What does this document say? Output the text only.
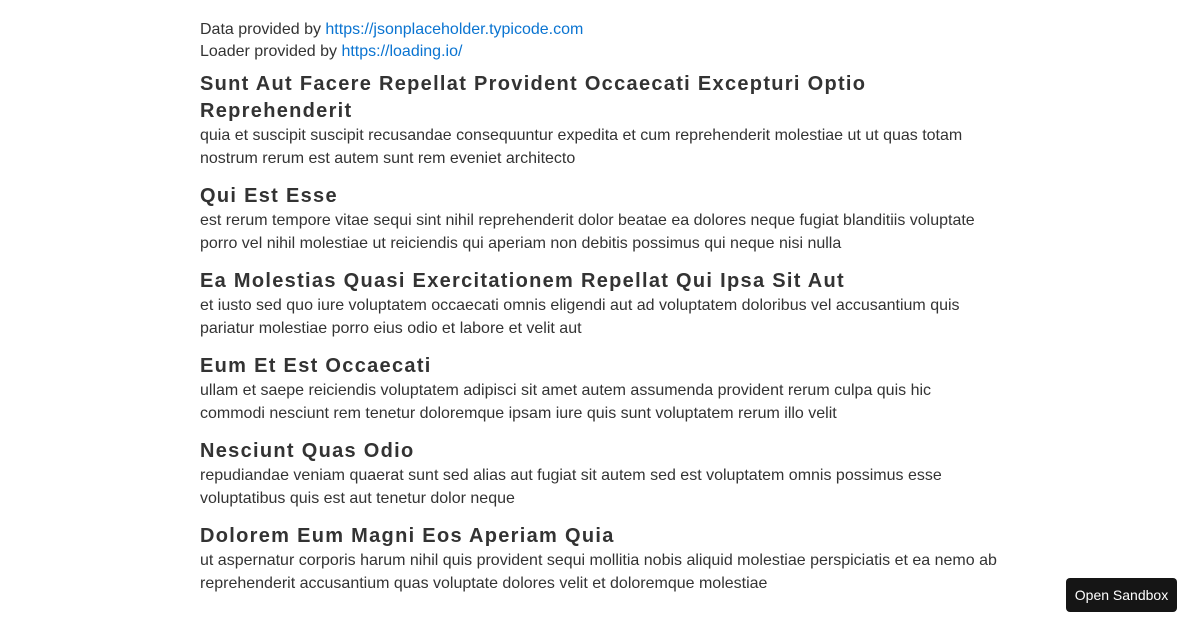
Data provided by https://jsonplaceholder.typicode.com
Loader provided by https://loading.io/
Sunt Aut Facere Repellat Provident Occaecati Excepturi Optio Reprehenderit

quia et suscipit suscipit recusandae consequuntur expedita et cum reprehenderit molestiae ut ut quas totam nostrum rerum est autem sunt rem eveniet architecto

Qui Est Esse

est rerum tempore vitae sequi sint nihil reprehenderit dolor beatae ea dolores neque fugiat blanditiis voluptate porro vel nihil molestiae ut reiciendis qui aperiam non debitis possimus qui neque nisi nulla

Ea Molestias Quasi Exercitationem Repellat Qui Ipsa Sit Aut

et iusto sed quo iure voluptatem occaecati omnis eligendi aut ad voluptatem doloribus vel accusantium quis pariatur molestiae porro eius odio et labore et velit aut

Eum Et Est Occaecati

ullam et saepe reiciendis voluptatem adipisci sit amet autem assumenda provident rerum culpa quis hic commodi nesciunt rem tenetur doloremque ipsam iure quis sunt voluptatem rerum illo velit

Nesciunt Quas Odio

repudiandae veniam quaerat sunt sed alias aut fugiat sit autem sed est voluptatem omnis possimus esse voluptatibus quis est aut tenetur dolor neque

Dolorem Eum Magni Eos Aperiam Quia

ut aspernatur corporis harum nihil quis provident sequi mollitia nobis aliquid molestiae perspiciatis et ea nemo ab reprehenderit accusantium quas voluptate dolores velit et doloremque molestiae

Open Sandbox
